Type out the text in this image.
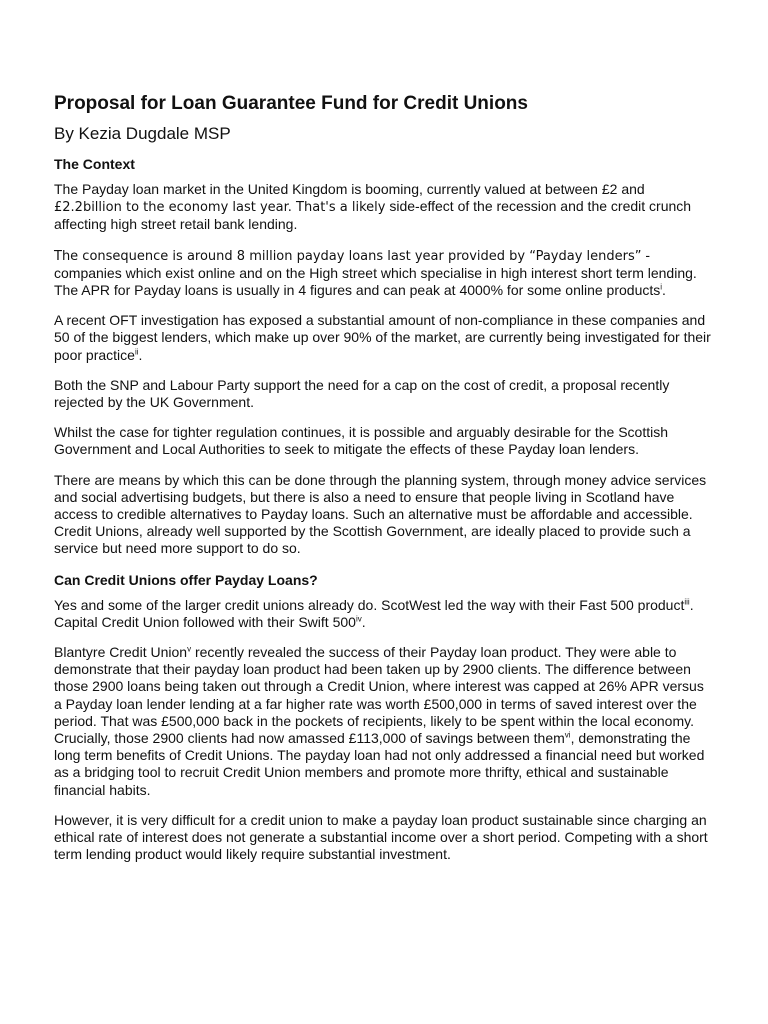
Proposal for Loan Guarantee Fund for Credit Unions
By Kezia Dugdale MSP
The Context

The Payday loan market in the United Kingdom is booming, currently valued at between £2 and £2.2billion to the economy last year. That's a likely side-effect of the recession and the credit crunch affecting high street retail bank lending.

The consequence is around 8 million payday loans last year provided by “Payday lenders” - companies which exist online and on the High street which specialise in high interest short term lending. The APR for Payday loans is usually in 4 figures and can peak at 4000% for some online products$^i$.

A recent OFT investigation has exposed a substantial amount of non-compliance in these companies and 50 of the biggest lenders, which make up over 90% of the market, are currently being investigated for their poor practice$^{ii}$.

Both the SNP and Labour Party support the need for a cap on the cost of credit, a proposal recently rejected by the UK Government.

Whilst the case for tighter regulation continues, it is possible and arguably desirable for the Scottish Government and Local Authorities to seek to mitigate the effects of these Payday loan lenders.

There are means by which this can be done through the planning system, through money advice services and social advertising budgets, but there is also a need to ensure that people living in Scotland have access to credible alternatives to Payday loans. Such an alternative must be affordable and accessible. Credit Unions, already well supported by the Scottish Government, are ideally placed to provide such a service but need more support to do so.

Can Credit Unions offer Payday Loans?

Yes and some of the larger credit unions already do. ScotWest led the way with their Fast 500 product$^{iii}$. Capital Credit Union followed with their Swift 500$^{iv}$.

Blantyre Credit Union$^v$ recently revealed the success of their Payday loan product. They were able to demonstrate that their payday loan product had been taken up by 2900 clients. The difference between those 2900 loans being taken out through a Credit Union, where interest was capped at 26% APR versus a Payday loan lender lending at a far higher rate was worth £500,000 in terms of saved interest over the period. That was £500,000 back in the pockets of recipients, likely to be spent within the local economy. Crucially, those 2900 clients had now amassed £113,000 of savings between them$^{vi}$, demonstrating the long term benefits of Credit Unions. The payday loan had not only addressed a financial need but worked as a bridging tool to recruit Credit Union members and promote more thrifty, ethical and sustainable financial habits.

However, it is very difficult for a credit union to make a payday loan product sustainable since charging an ethical rate of interest does not generate a substantial income over a short period. Competing with a short term lending product would likely require substantial investment.
